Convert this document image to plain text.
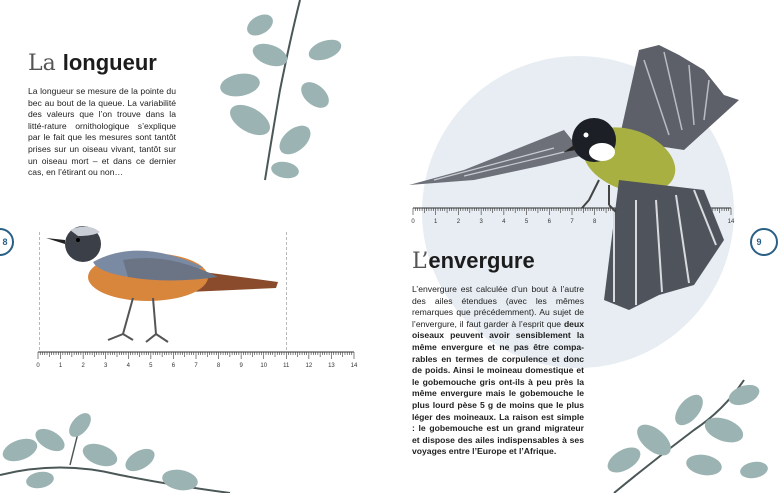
La longueur

La longueur se mesure de la pointe du bec au bout de la queue. La variabilité des valeurs que l’on trouve dans la litté-rature ornithologique s’explique par le fait que les mesures sont tantôt prises sur un oiseau vivant, tantôt sur un oiseau mort – et dans ce dernier cas, en l’étirant ou non…

0	1	2	3	4	5	6	7	8	9	10	11	12	13	14
8
0	1	2	3	4	5	6	7	8	14
L’envergure

L’envergure est calculée d’un bout à l’autre des ailes étendues (avec les mêmes remarques que précédemment). Au sujet de l’envergure, il faut garder à l’esprit que deux oiseaux peuvent avoir sensiblement la même envergure et ne pas être compa-rables en termes de corpulence et donc de poids. Ainsi le moineau domestique et le gobemouche gris ont-ils à peu près la même envergure mais le gobemouche le plus lourd pèse 5 g de moins que le plus léger des moineaux. La raison est simple : le gobemouche est un grand migrateur et dispose des ailes indispensables à ses voyages entre l’Europe et l’Afrique.

9
